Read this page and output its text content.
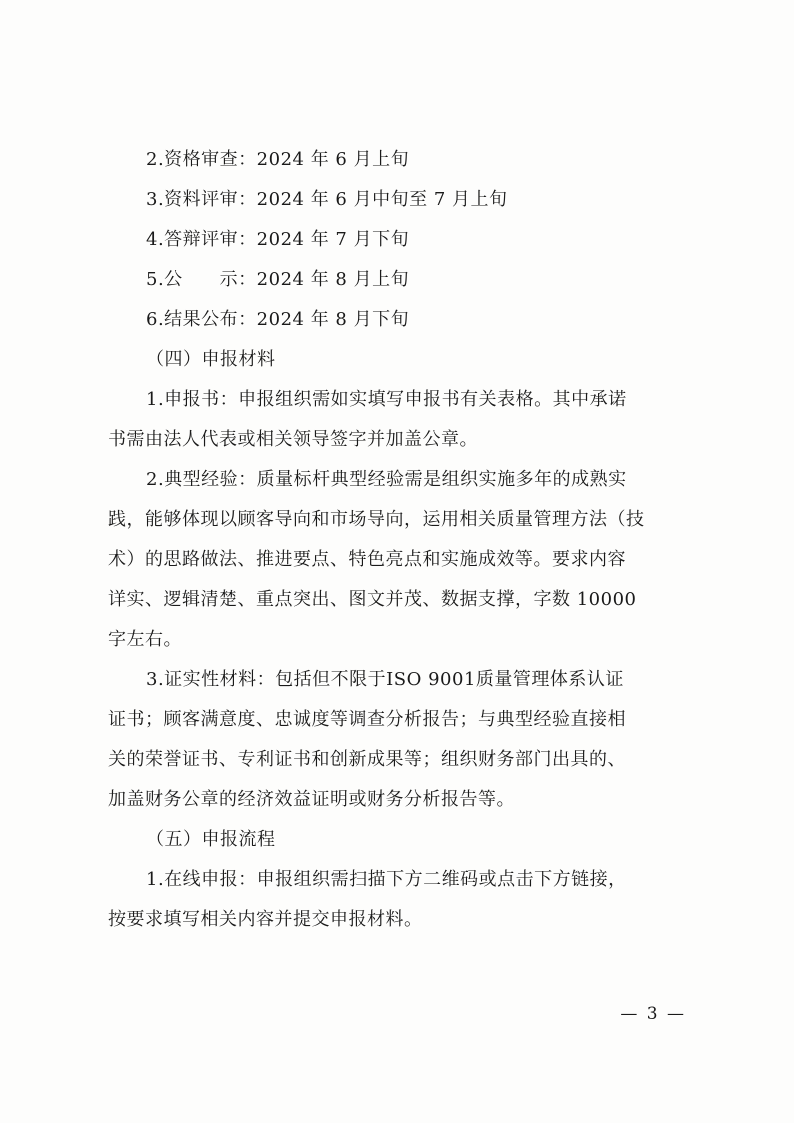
2.资格审查：2024 年 6 月上旬
3.资料评审：2024 年 6 月中旬至 7 月上旬
4.答辩评审：2024 年 7 月下旬
5.公　　示：2024 年 8 月上旬
6.结果公布：2024 年 8 月下旬
（四）申报材料
1.申报书：申报组织需如实填写申报书有关表格。其中承诺
书需由法人代表或相关领导签字并加盖公章。
2.典型经验：质量标杆典型经验需是组织实施多年的成熟实
践，能够体现以顾客导向和市场导向，运用相关质量管理方法（技
术）的思路做法、推进要点、特色亮点和实施成效等。要求内容
详实、逻辑清楚、重点突出、图文并茂、数据支撑，字数 10000
字左右。
3.证实性材料：包括但不限于ISO 9001质量管理体系认证
证书；顾客满意度、忠诚度等调查分析报告；与典型经验直接相
关的荣誉证书、专利证书和创新成果等；组织财务部门出具的、
加盖财务公章的经济效益证明或财务分析报告等。
（五）申报流程
1.在线申报：申报组织需扫描下方二维码或点击下方链接，
按要求填写相关内容并提交申报材料。
— 3 —
